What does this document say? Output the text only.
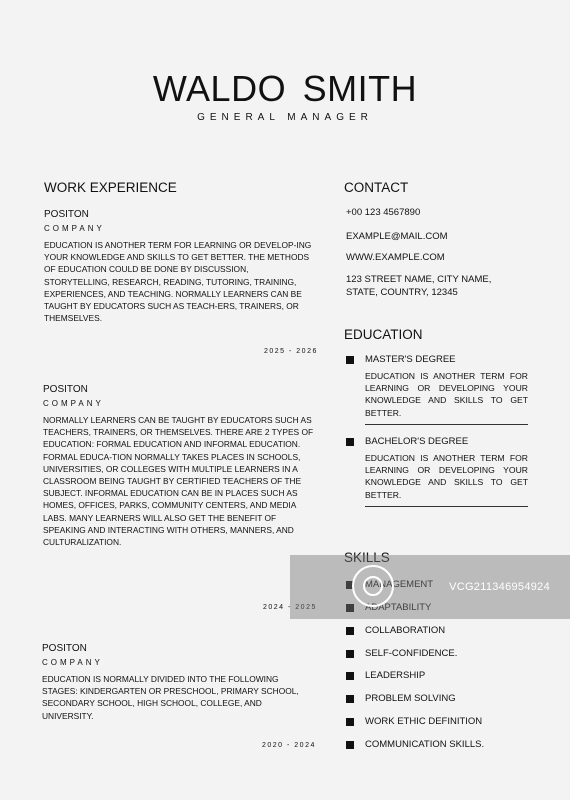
WALDO SMITH
GENERAL MANAGER
WORK EXPERIENCE
POSITON
COMPANY
EDUCATION IS ANOTHER TERM FOR LEARNING OR DEVELOP-ING YOUR KNOWLEDGE AND SKILLS TO GET BETTER. THE METHODS OF EDUCATION COULD BE DONE BY DISCUSSION, STORYTELLING, RESEARCH, READING, TUTORING, TRAINING, EXPERIENCES, AND TEACHING. NORMALLY LEARNERS CAN BE TAUGHT BY EDUCATORS SUCH AS TEACH-ERS, TRAINERS, OR THEMSELVES.
2025 - 2026
POSITON
COMPANY
NORMALLY LEARNERS CAN BE TAUGHT BY EDUCATORS SUCH AS TEACHERS, TRAINERS, OR THEMSELVES. THERE ARE 2 TYPES OF EDUCATION: FORMAL EDUCATION AND INFORMAL EDUCATION. FORMAL EDUCA-TION NORMALLY TAKES PLACES IN SCHOOLS, UNIVERSITIES, OR COLLEGES WITH MULTIPLE LEARNERS IN A CLASSROOM BEING TAUGHT BY CERTIFIED TEACHERS OF THE SUBJECT. INFORMAL EDUCATION CAN BE IN PLACES SUCH AS HOMES, OFFICES, PARKS, COMMUNITY CENTERS, AND MEDIA LABS. MANY LEARNERS WILL ALSO GET THE BENEFIT OF SPEAKING AND INTERACTING WITH OTHERS, MANNERS, AND CULTURALIZATION.
2024 - 2025
POSITON
COMPANY
EDUCATION IS NORMALLY DIVIDED INTO THE FOLLOWING STAGES: KINDERGARTEN OR PRESCHOOL, PRIMARY SCHOOL, SECONDARY SCHOOL, HIGH SCHOOL, COLLEGE, AND UNIVERSITY.
2020 - 2024
CONTACT
+00 123 4567890
EXAMPLE@MAIL.COM
WWW.EXAMPLE.COM
123 STREET NAME, CITY NAME,
STATE, COUNTRY, 12345
EDUCATION
MASTER'S DEGREE
EDUCATION IS ANOTHER TERM FOR LEARNING OR DEVELOPING YOUR KNOWLEDGE AND SKILLS TO GET BETTER.
BACHELOR'S DEGREE
EDUCATION IS ANOTHER TERM FOR LEARNING OR DEVELOPING YOUR KNOWLEDGE AND SKILLS TO GET BETTER.
SKILLS
MANAGEMENT
ADAPTABILITY
COLLABORATION
SELF-CONFIDENCE.
LEADERSHIP
PROBLEM SOLVING
WORK ETHIC DEFINITION
COMMUNICATION SKILLS.
VCG211346954924
